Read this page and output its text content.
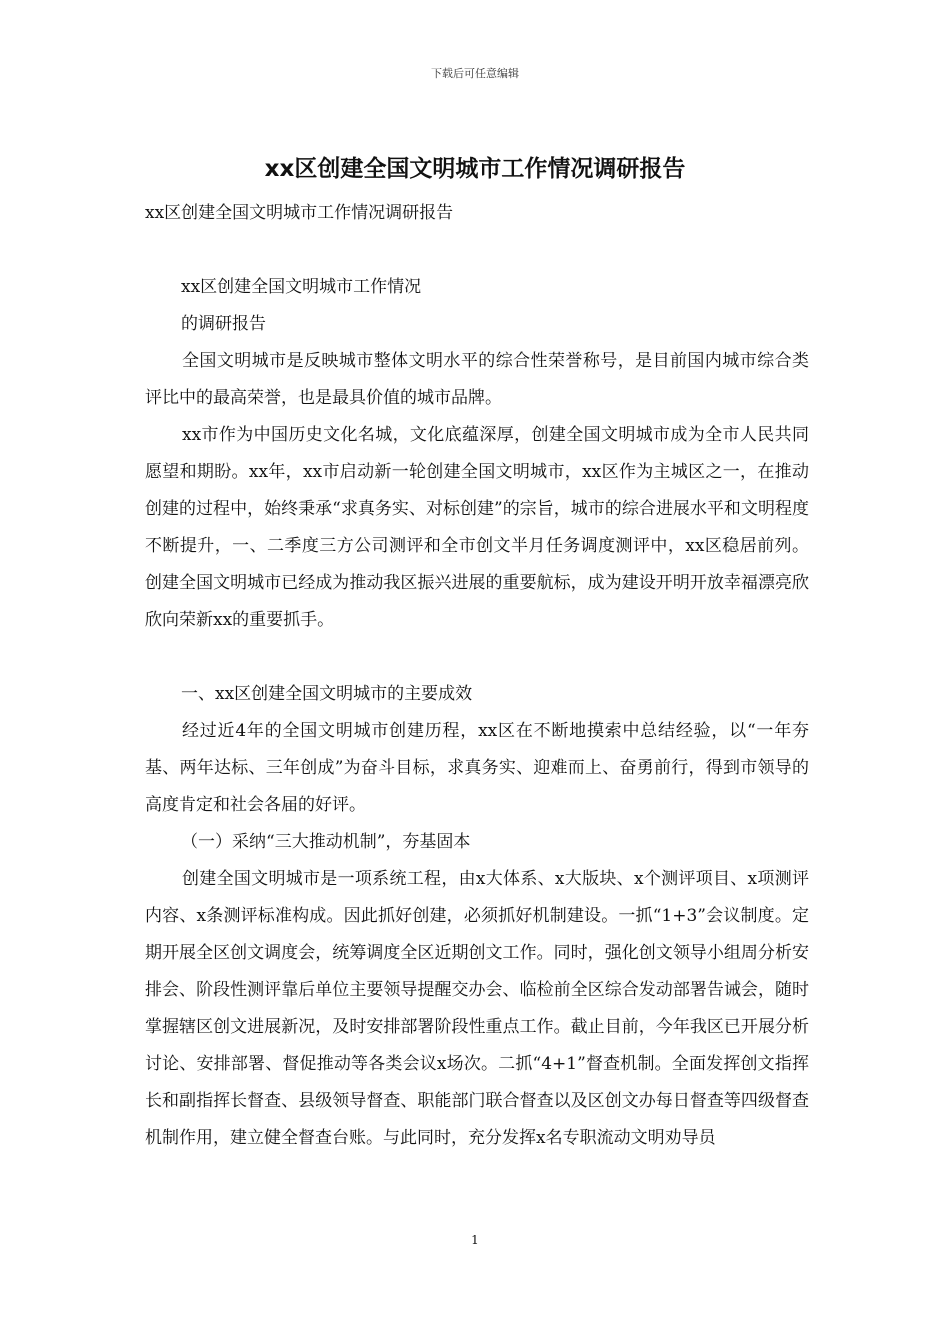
下载后可任意编辑
xx区创建全国文明城市工作情况调研报告

xx区创建全国文明城市工作情况调研报告

xx区创建全国文明城市工作情况

的调研报告

全国文明城市是反映城市整体文明水平的综合性荣誉称号，是目前国内城市综合类评比中的最高荣誉，也是最具价值的城市品牌。

xx市作为中国历史文化名城，文化底蕴深厚，创建全国文明城市成为全市人民共同愿望和期盼。xx年，xx市启动新一轮创建全国文明城市，xx区作为主城区之一，在推动创建的过程中，始终秉承“求真务实、对标创建”的宗旨，城市的综合进展水平和文明程度不断提升，一、二季度三方公司测评和全市创文半月任务调度测评中，xx区稳居前列。创建全国文明城市已经成为推动我区振兴进展的重要航标，成为建设开明开放幸福漂亮欣欣向荣新xx的重要抓手。

一、xx区创建全国文明城市的主要成效

经过近4年的全国文明城市创建历程，xx区在不断地摸索中总结经验，以“一年夯基、两年达标、三年创成”为奋斗目标，求真务实、迎难而上、奋勇前行，得到市领导的高度肯定和社会各届的好评。

（一）采纳“三大推动机制”，夯基固本

创建全国文明城市是一项系统工程，由x大体系、x大版块、x个测评项目、x项测评内容、x条测评标准构成。因此抓好创建，必须抓好机制建设。一抓“1+3”会议制度。定期开展全区创文调度会，统筹调度全区近期创文工作。同时，强化创文领导小组周分析安排会、阶段性测评靠后单位主要领导提醒交办会、临检前全区综合发动部署告诫会，随时掌握辖区创文进展新况，及时安排部署阶段性重点工作。截止目前，今年我区已开展分析讨论、安排部署、督促推动等各类会议x场次。二抓“4+1”督查机制。全面发挥创文指挥长和副指挥长督查、县级领导督查、职能部门联合督查以及区创文办每日督查等四级督查机制作用，建立健全督查台账。与此同时，充分发挥x名专职流动文明劝导员

1
